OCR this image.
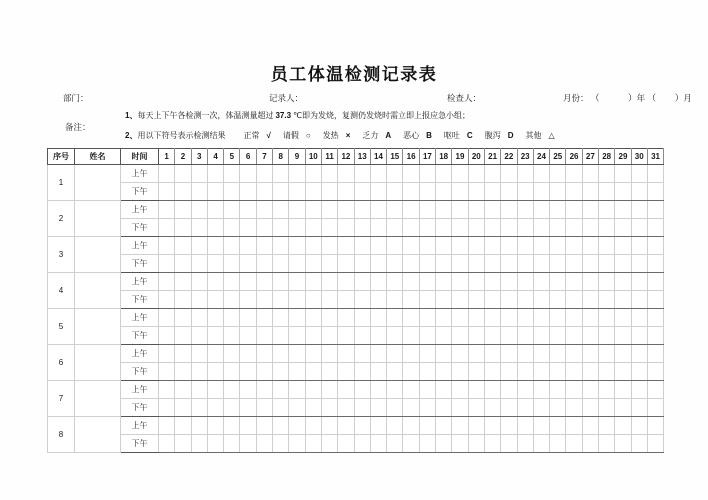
员工体温检测记录表
部门：	记录人：	检查人：	月份： （	）年 （ ）月
备注：
1、每天上下午各检测一次，体温测量超过 37.3 ℃即为发烧，复测仍发烧时需立即上报应急小组；
2、用以下符号表示检测结果 正常 √ 请假 ○ 发热 × 乏力 A 恶心 B 呕吐 C 腹泻 D 其他 △
序号	姓名	时间	1	2	3	4	5	6	7	8	9	10	11	12	13	14	15	16	17	18	19	20	21	22	23	24	25	26	27	28	29	30	31
1		上午																															
		下午																															
2		上午																															
		下午																															
3		上午																															
		下午																															
4		上午																															
		下午																															
5		上午																															
		下午																															
6		上午																															
		下午																															
7		上午																															
		下午																															
8		上午																															
		下午																															
